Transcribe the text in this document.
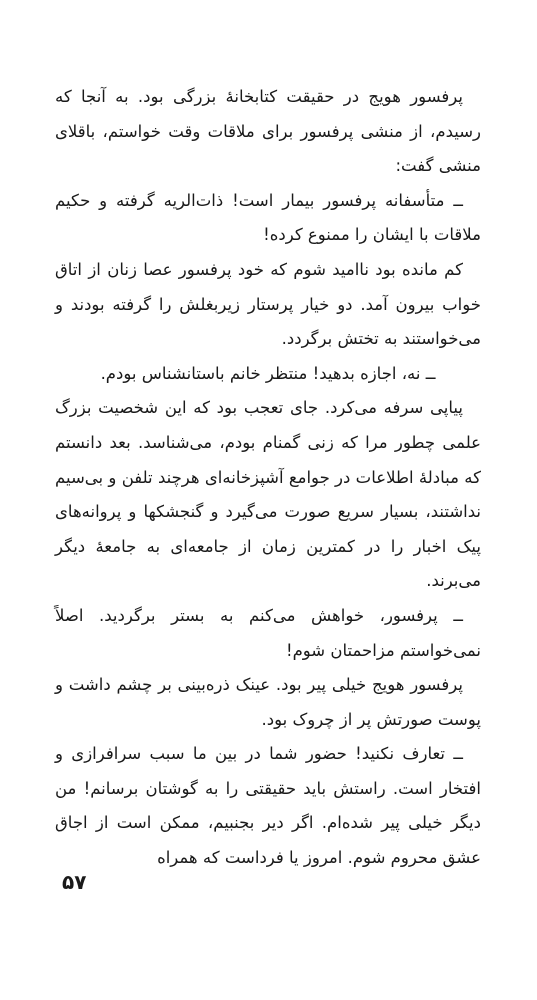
پرفسور هویج در حقیقت کتابخانهٔ بزرگی بود. به آنجا که رسیدم، از منشی پرفسور برای ملاقات وقت خواستم، باقلای منشی گفت:

ــ متأسفانه پرفسور بیمار است! ذات‌الریه گرفته و حکیم ملاقات با ایشان را ممنوع کرده!

کم مانده بود ناامید شوم که خود پرفسور عصا زنان از اتاق خواب بیرون آمد. دو خیار پرستار زیربغلش را گرفته بودند و می‌خواستند به تختش برگردد.

ــ نه، اجازه بدهید! منتظر خانم باستانشناس بودم.

پیاپی سرفه می‌کرد. جای تعجب بود که این شخصیت بزرگ علمی چطور مرا که زنی گمنام بودم، می‌شناسد. بعد دانستم که مبادلهٔ اطلاعات در جوامع آشپزخانه‌ای هرچند تلفن و بی‌سیم نداشتند، بسیار سریع صورت می‌گیرد و گنجشکها و پروانه‌های پیک اخبار را در کمترین زمان از جامعه‌ای به جامعهٔ دیگر می‌برند.

ــ پرفسور، خواهش می‌کنم به بستر برگردید. اصلاً نمی‌خواستم مزاحمتان شوم!

پرفسور هویج خیلی پیر بود. عینک ذره‌بینی بر چشم داشت و پوست صورتش پر از چروک بود.

ــ تعارف نکنید! حضور شما در بین ما سبب سرافرازی و افتخار است. راستش باید حقیقتی را به گوشتان برسانم! من دیگر خیلی پیر شده‌ام. اگر دیر بجنبیم، ممکن است از اجاق عشق محروم شوم. امروز یا فرداست که همراه

۵۷
